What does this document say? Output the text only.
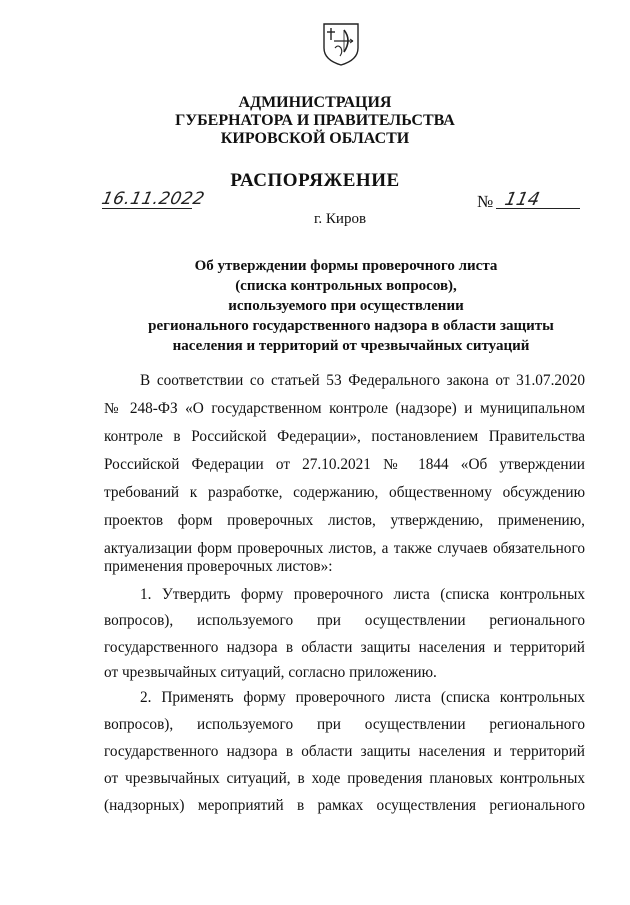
АДМИНИСТРАЦИЯ
ГУБЕРНАТОРА И ПРАВИТЕЛЬСТВА
КИРОВСКОЙ ОБЛАСТИ
РАСПОРЯЖЕНИЕ
16.11.2022	№ 114
г. Киров
Об утверждении формы проверочного листа
(списка контрольных вопросов),
используемого при осуществлении
регионального государственного надзора в области защиты
населения и территорий от чрезвычайных ситуаций
В соответствии со статьей 53 Федерального закона от 31.07.2020
№ 248-ФЗ «О государственном контроле (надзоре) и муниципальном
контроле в Российской Федерации», постановлением Правительства
Российской Федерации от 27.10.2021 № 1844 «Об утверждении
требований к разработке, содержанию, общественному обсуждению
проектов форм проверочных листов, утверждению, применению,
актуализации форм проверочных листов, а также случаев обязательного
применения проверочных листов»:
1. Утвердить форму проверочного листа (списка контрольных
вопросов), используемого при осуществлении регионального
государственного надзора в области защиты населения и территорий
от чрезвычайных ситуаций, согласно приложению.
2. Применять форму проверочного листа (списка контрольных
вопросов), используемого при осуществлении регионального
государственного надзора в области защиты населения и территорий
от чрезвычайных ситуаций, в ходе проведения плановых контрольных
(надзорных) мероприятий в рамках осуществления регионального
